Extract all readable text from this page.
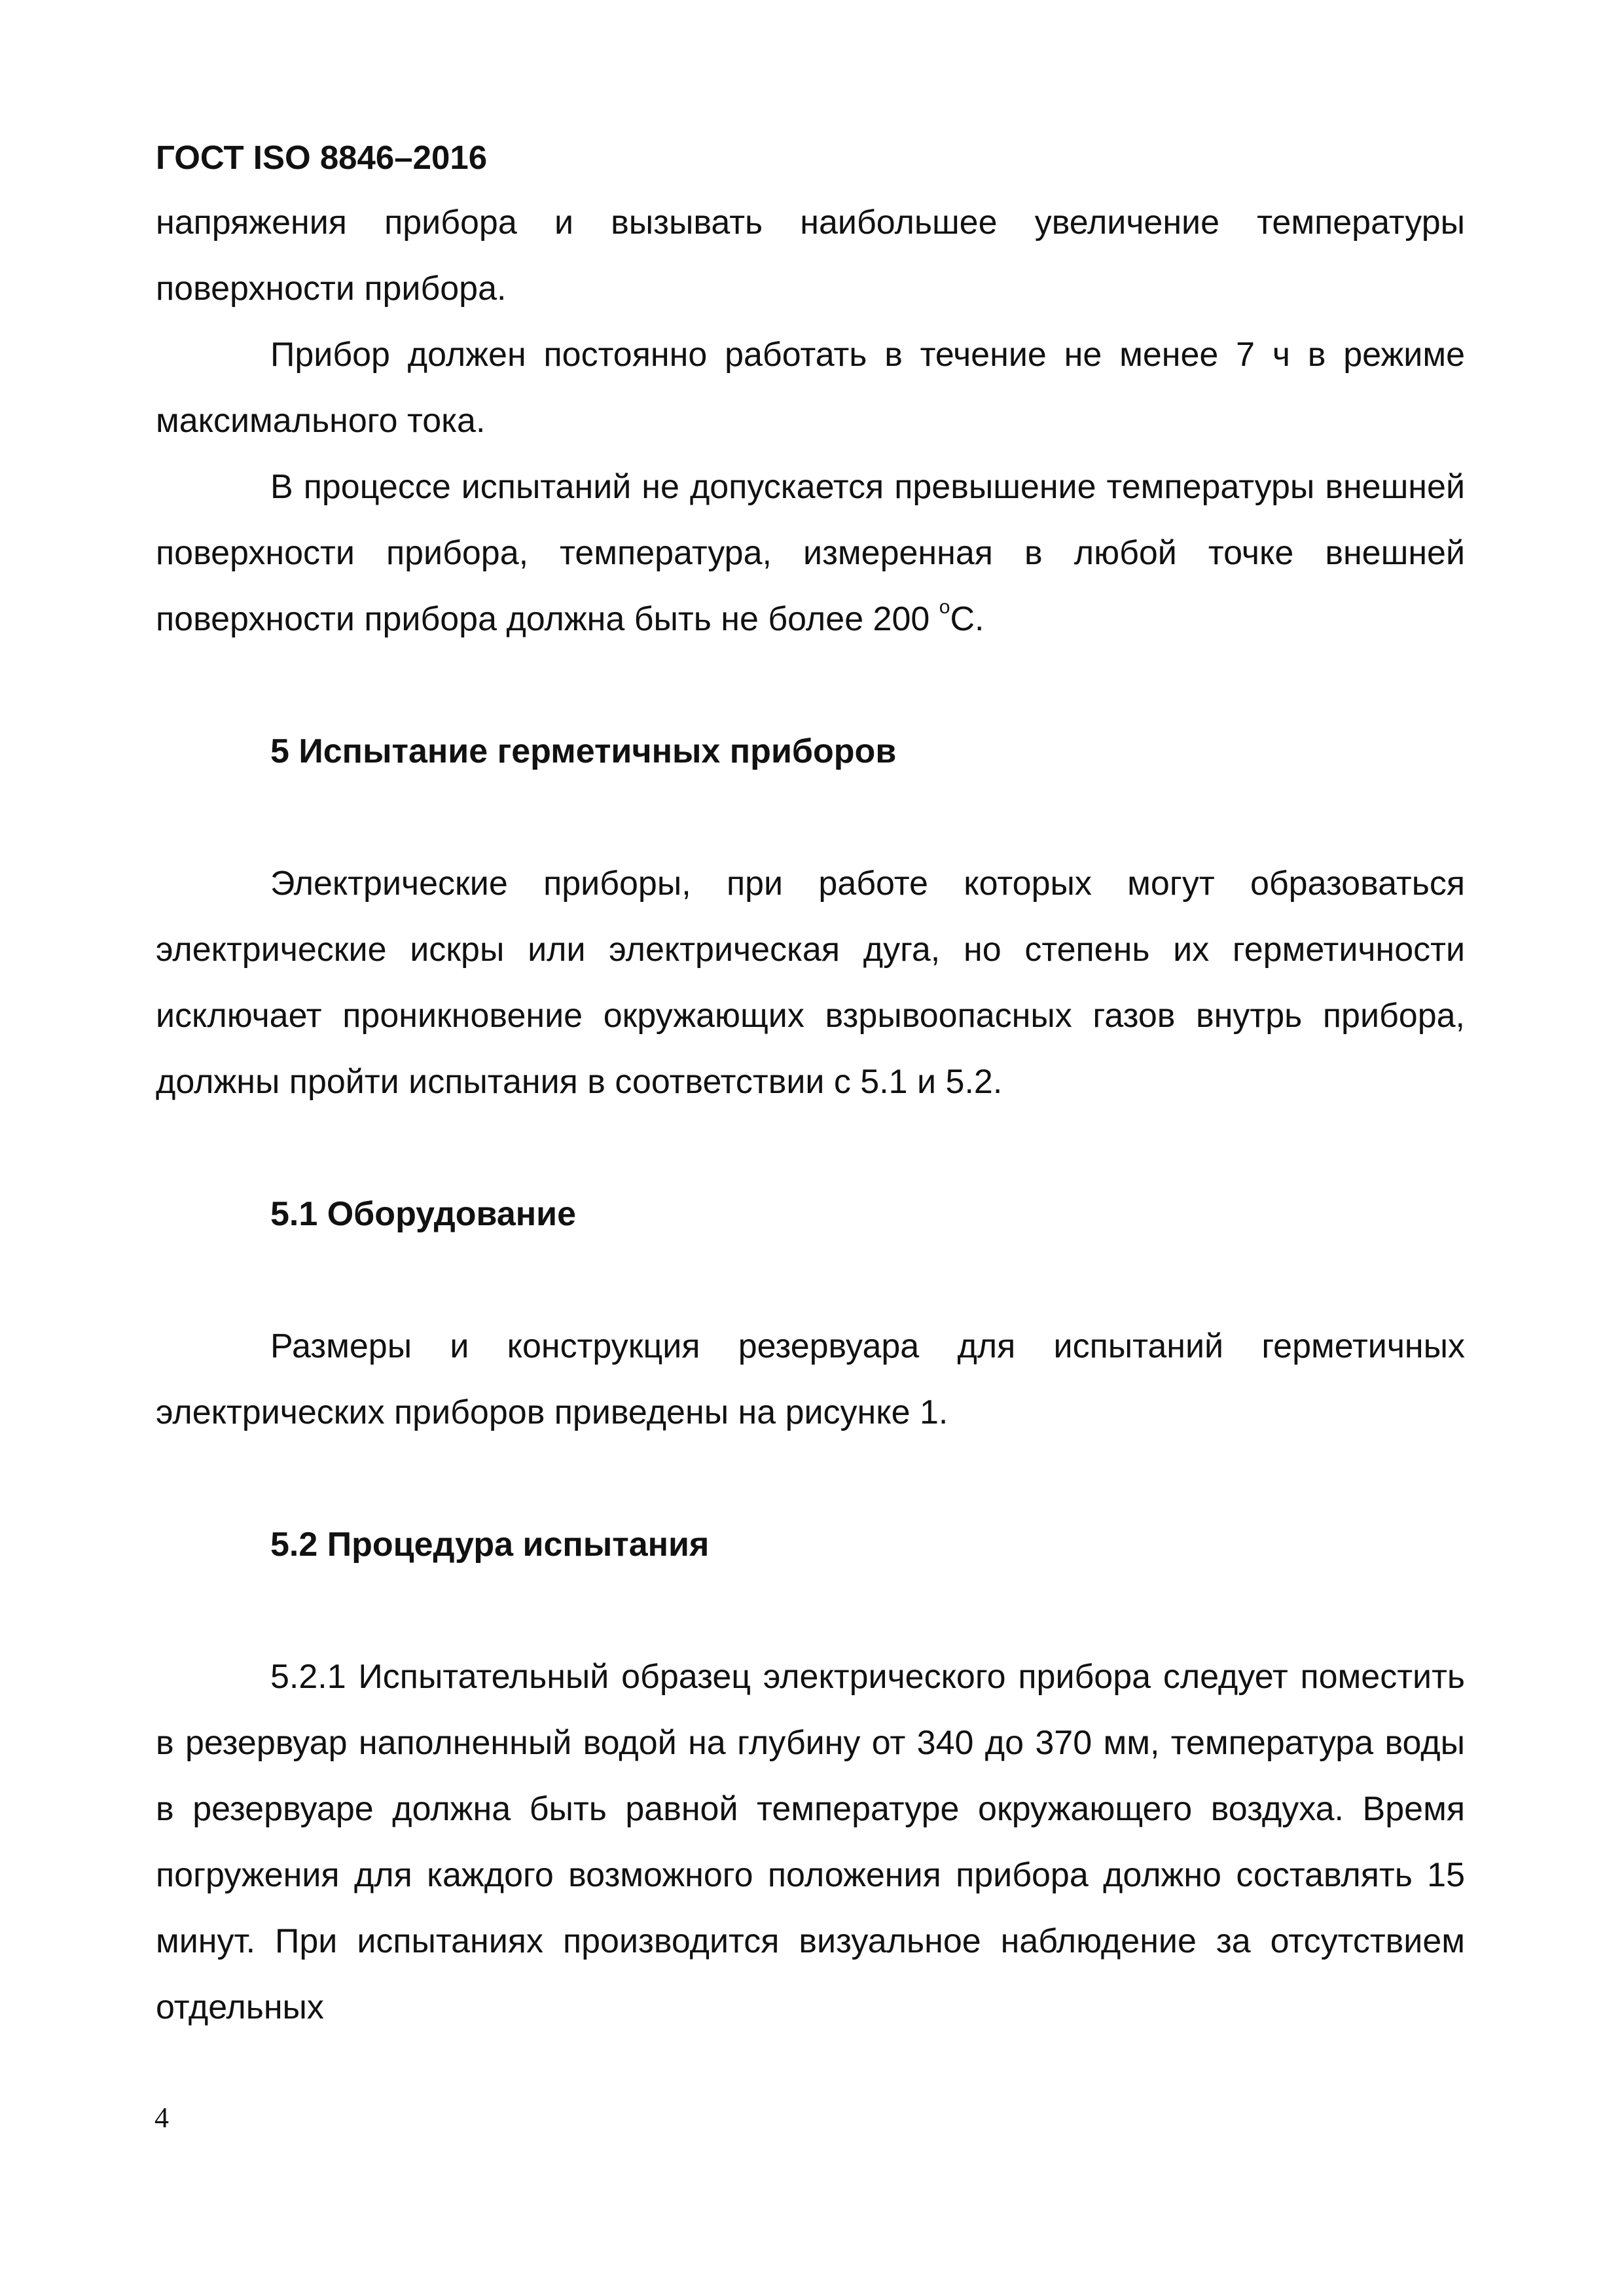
ГОСТ ISO 8846–2016

напряжения прибора и вызывать наибольшее увеличение температуры поверхности прибора.

Прибор должен постоянно работать в течение не менее 7 ч в режиме максимального тока.

В процессе испытаний не допускается превышение температуры внешней поверхности прибора, температура, измеренная в любой точке внешней поверхности прибора должна быть не более 200 $^o$С.

5 Испытание герметичных приборов

Электрические приборы, при работе которых могут образоваться электрические искры или электрическая дуга, но степень их герметичности исключает проникновение окружающих взрывоопасных газов внутрь прибора, должны пройти испытания в соответствии с 5.1 и 5.2.

5.1 Оборудование

Размеры и конструкция резервуара для испытаний герметичных электрических приборов приведены на рисунке 1.

5.2 Процедура испытания

5.2.1 Испытательный образец электрического прибора следует поместить в резервуар наполненный водой на глубину от 340 до 370 мм, температура воды в резервуаре должна быть равной температуре окружающего воздуха. Время погружения для каждого возможного положения прибора должно составлять 15 минут. При испытаниях производится визуальное наблюдение за отсутствием отдельных

4
